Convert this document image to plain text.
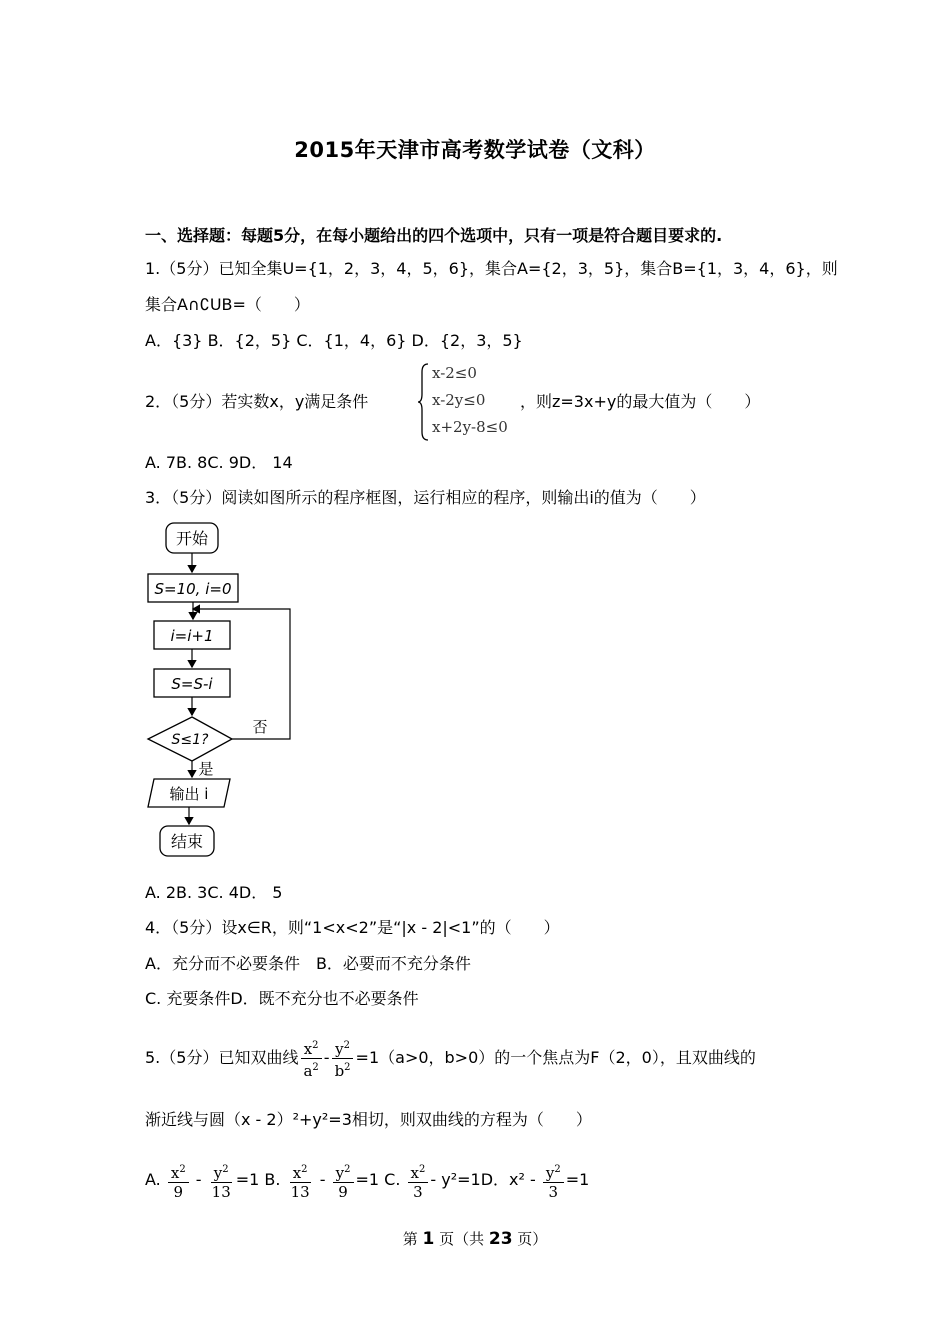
2015年天津市高考数学试卷（文科）
一、选择题：每题5分，在每小题给出的四个选项中，只有一项是符合题目要求的.
1.（5分）已知全集U={1，2，3，4，5，6}，集合A={2，3，5}，集合B={1，3，4，6}，则
集合A∩∁UB=（　　）
A．{3} B．{2，5} C．{1，4，6} D．{2，3，5}
2．（5分）若实数x，y满足条件
x-2≤0
x-2y≤0
x+2y-8≤0
，则z=3x+y的最大值为（　　）
A. 7B. 8C. 9D． 14
3．（5分）阅读如图所示的程序框图，运行相应的程序，则输出i的值为（　　）
开始
S=10, i=0
i=i+1
S=S-i
S≤1?
否
是
输出 i
结束
A. 2B. 3C. 4D． 5
4．（5分）设x∈R，则“1<x<2”是“|x - 2|<1”的（　　）
A．充分而不必要条件　B．必要而不充分条件
C. 充要条件D．既不充分也不必要条件
5.（5分）已知双曲线 $\frac{x^2}{a^2} - \frac{y^2}{b^2} =1(a>0$，b>0）的一个焦点为F（2，0），且双曲线的
渐近线与圆（x - 2）²+y²=3相切，则双曲线的方程为（　　）
A. $\frac{x^2}{9} - \frac{y^2}{13} =1$ B. $\frac{x^2}{13} - \frac{y^2}{9} =1$ C. $\frac{x^2}{3} - y^2=1D$．$x^2 - \frac{y^2}{3} =1$
第 1 页（共 23 页）
